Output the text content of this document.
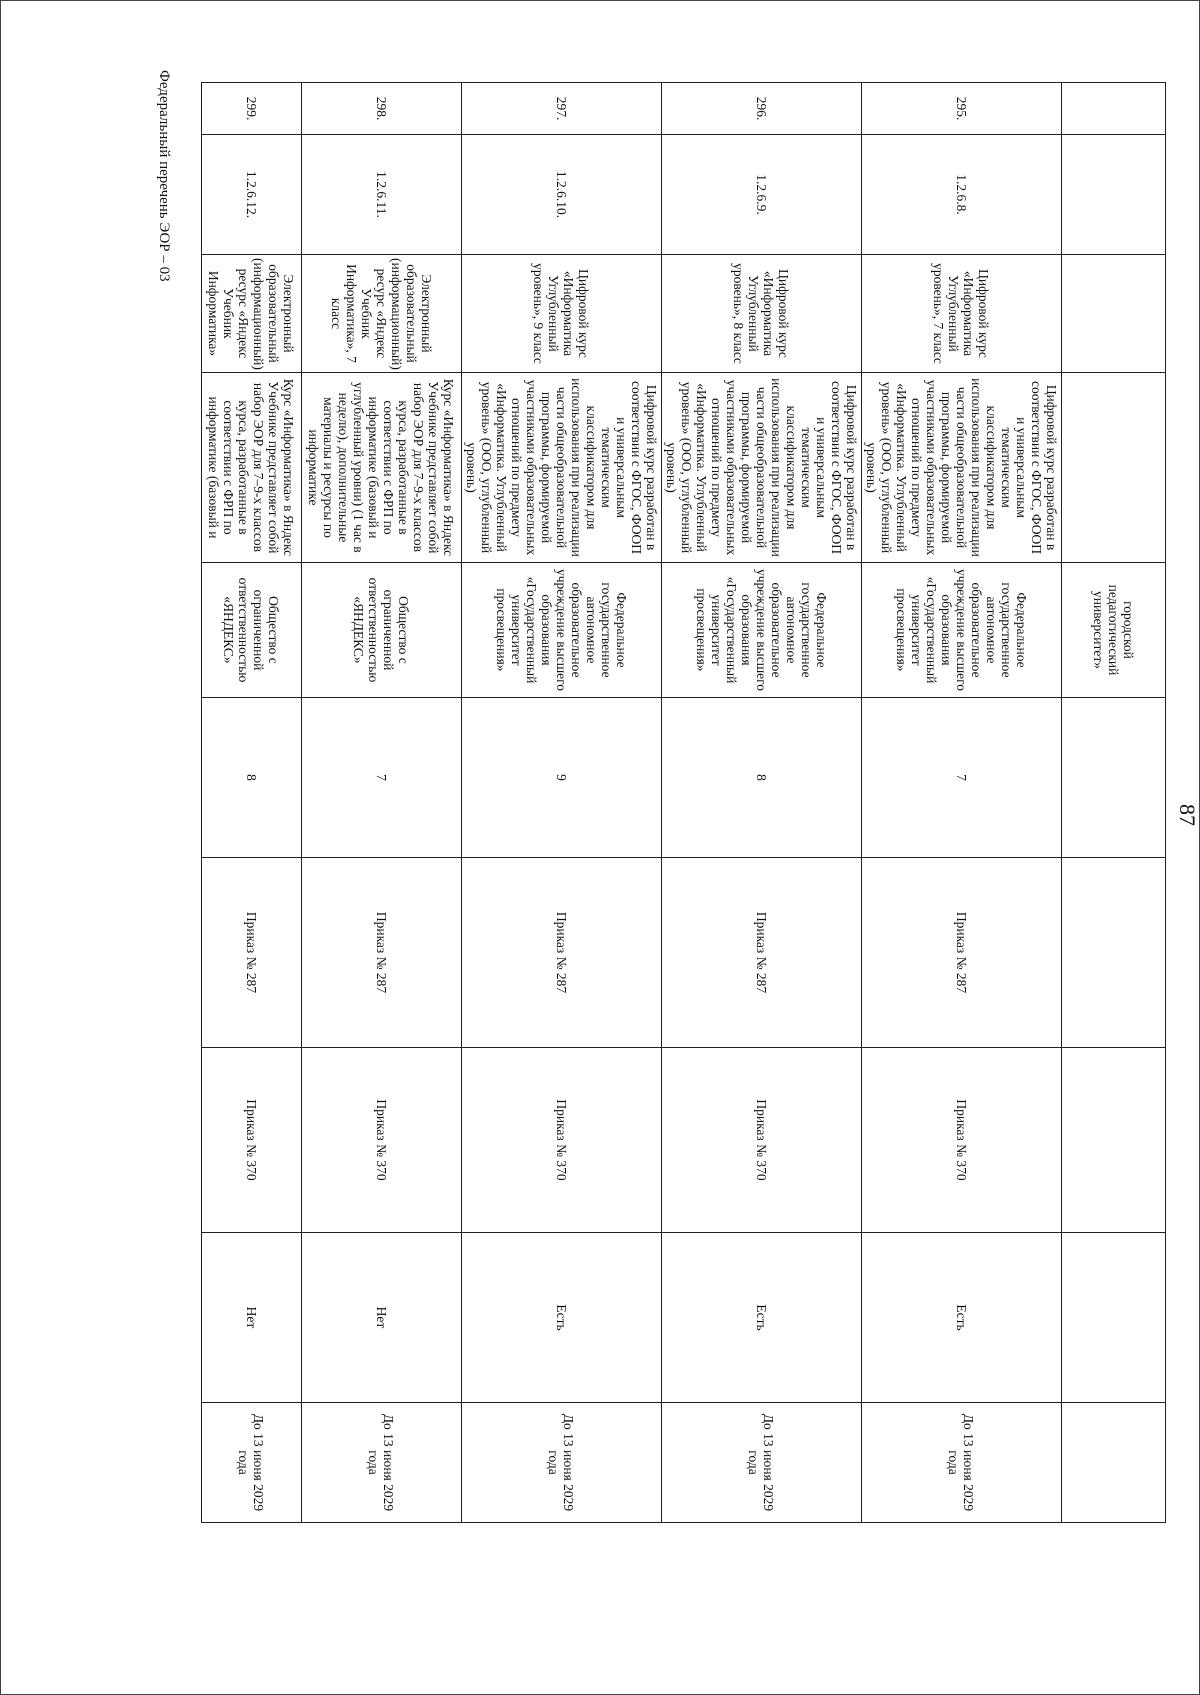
87
				городской педагогический университет»					
295.	1.2.6.8.	Цифровой курс «Информатика Углубленный уровень», 7 класс	Цифровой курс разработан в соответствии с ФГОС, ФООП и универсальным тематическим классификатором для использования при реализации части общеобразовательной программы, формируемой участниками образовательных отношений по предмету «Информатика. Углубленный уровень» (ООО, углубленный уровень)	Федеральное государственное автономное образовательное учреждение высшего образования «Государственный университет просвещения»	7	Приказ № 287	Приказ № 370	Есть	До 13 июня 2029 года
296.	1.2.6.9.	Цифровой курс «Информатика Углубленный уровень», 8 класс	Цифровой курс разработан в соответствии с ФГОС, ФООП и универсальным тематическим классификатором для использования при реализации части общеобразовательной программы, формируемой участниками образовательных отношений по предмету «Информатика. Углубленный уровень» (ООО, углубленный уровень)	Федеральное государственное автономное образовательное учреждение высшего образования «Государственный университет просвещения»	8	Приказ № 287	Приказ № 370	Есть	До 13 июня 2029 года
297.	1.2.6.10.	Цифровой курс «Информатика Углубленный уровень», 9 класс	Цифровой курс разработан в соответствии с ФГОС, ФООП и универсальным тематическим классификатором для использования при реализации части общеобразовательной программы, формируемой участниками образовательных отношений по предмету «Информатика. Углубленный уровень» (ООО, углубленный уровень)	Федеральное государственное автономное образовательное учреждение высшего образования «Государственный университет просвещения»	9	Приказ № 287	Приказ № 370	Есть	До 13 июня 2029 года
298.	1.2.6.11.	Электронный образовательный (информационный) ресурс «Яндекс Учебник Информатика», 7 класс	Курс «Информатика» в Яндекс Учебнике представляет собой набор ЭОР для 7–9-х классов курса, разработанные в соответствии с ФРП по информатике (базовый и углубленный уровни) (1 час в неделю), дополнительные материалы и ресурсы по информатике	Общество с ограниченной ответственностью «ЯНДЕКС»	7	Приказ № 287	Приказ № 370	Нет	До 13 июня 2029 года
299.	1.2.6.12.	Электронный образовательный (информационный) ресурс «Яндекс Учебник Информатика»	Курс «Информатика» в Яндекс Учебнике представляет собой набор ЭОР для 7–9-х классов курса, разработанные в соответствии с ФРП по информатике (базовый и	Общество с ограниченной ответственностью «ЯНДЕКС»	8	Приказ № 287	Приказ № 370	Нет	До 13 июня 2029 года
Федеральный перечень ЭОР – 03
